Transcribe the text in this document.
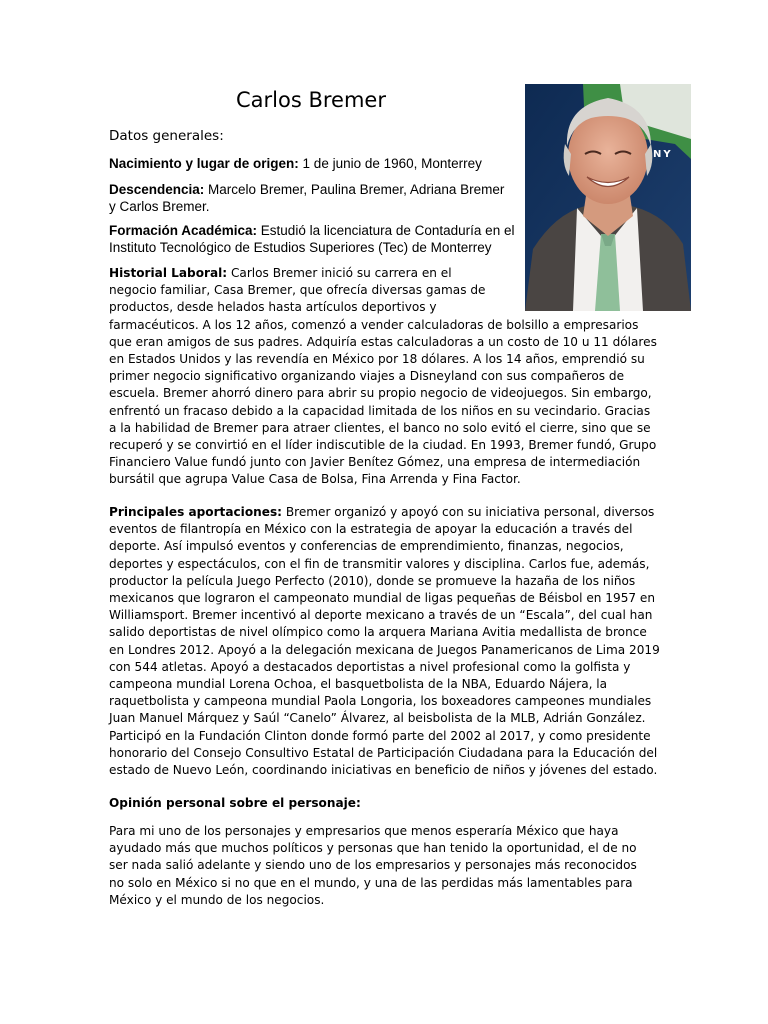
Carlos Bremer
NY

Datos generales:

Nacimiento y lugar de origen: 1 de junio de 1960, Monterrey

Descendencia: Marcelo Bremer, Paulina Bremer, Adriana Bremer y Carlos Bremer.

Formación Académica: Estudió la licenciatura de Contaduría en el Instituto Tecnológico de Estudios Superiores (Tec) de Monterrey

Historial Laboral: Carlos Bremer inició su carrera en el negocio familiar, Casa Bremer, que ofrecía diversas gamas de productos, desde helados hasta artículos deportivos y farmacéuticos. A los 12 años, comenzó a vender calculadoras de bolsillo a empresarios que eran amigos de sus padres. Adquiría estas calculadoras a un costo de 10 u 11 dólares en Estados Unidos y las revendía en México por 18 dólares. A los 14 años, emprendió su primer negocio significativo organizando viajes a Disneyland con sus compañeros de escuela. Bremer ahorró dinero para abrir su propio negocio de videojuegos. Sin embargo, enfrentó un fracaso debido a la capacidad limitada de los niños en su vecindario. Gracias a la habilidad de Bremer para atraer clientes, el banco no solo evitó el cierre, sino que se recuperó y se convirtió en el líder indiscutible de la ciudad. En 1993, Bremer fundó, Grupo Financiero Value fundó junto con Javier Benítez Gómez, una empresa de intermediación bursátil que agrupa Value Casa de Bolsa, Fina Arrenda y Fina Factor.

Principales aportaciones: Bremer organizó y apoyó con su iniciativa personal, diversos eventos de filantropía en México con la estrategia de apoyar la educación a través del deporte. Así impulsó eventos y conferencias de emprendimiento, finanzas, negocios, deportes y espectáculos, con el fin de transmitir valores y disciplina. Carlos fue, además, productor la película Juego Perfecto (2010), donde se promueve la hazaña de los niños mexicanos que lograron el campeonato mundial de ligas pequeñas de Béisbol en 1957 en Williamsport. Bremer incentivó al deporte mexicano a través de un “Escala”, del cual han salido deportistas de nivel olímpico como la arquera Mariana Avitia medallista de bronce en Londres 2012. Apoyó a la delegación mexicana de Juegos Panamericanos de Lima 2019 con 544 atletas. Apoyó a destacados deportistas a nivel profesional como la golfista y campeona mundial Lorena Ochoa, el basquetbolista de la NBA, Eduardo Nájera, la raquetbolista y campeona mundial Paola Longoria, los boxeadores campeones mundiales Juan Manuel Márquez y Saúl “Canelo” Álvarez, al beisbolista de la MLB, Adrián González. Participó en la Fundación Clinton donde formó parte del 2002 al 2017, y como presidente honorario del Consejo Consultivo Estatal de Participación Ciudadana para la Educación del estado de Nuevo León, coordinando iniciativas en beneficio de niños y jóvenes del estado.

Opinión personal sobre el personaje:

Para mi uno de los personajes y empresarios que menos esperaría México que haya ayudado más que muchos políticos y personas que han tenido la oportunidad, el de no ser nada salió adelante y siendo uno de los empresarios y personajes más reconocidos no solo en México si no que en el mundo, y una de las perdidas más lamentables para México y el mundo de los negocios.
